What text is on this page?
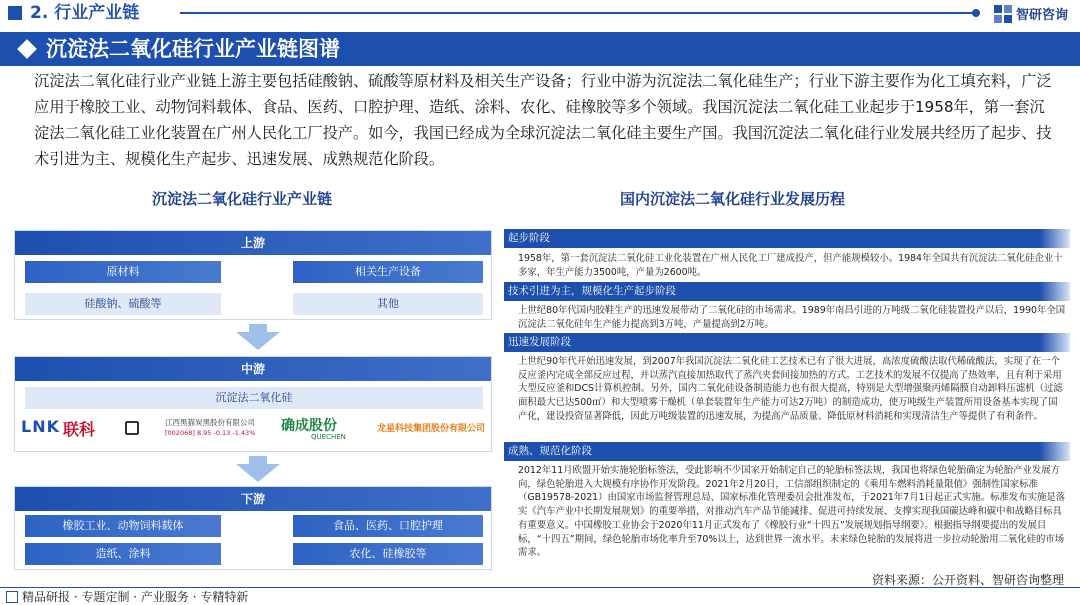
2. 行业产业链	智研咨询
沉淀法二氧化硅行业产业链图谱
沉淀法二氧化硅行业产业链上游主要包括硅酸钠、硫酸等原材料及相关生产设备；行业中游为沉淀法二氧化硅生产；行业下游主要作为化工填充料，广泛应用于橡胶工业、动物饲料载体、食品、医药、口腔护理、造纸、涂料、农化、硅橡胶等多个领域。我国沉淀法二氧化硅工业起步于1958年，第一套沉淀法二氧化硅工业化装置在广州人民化工厂投产。如今，我国已经成为全球沉淀法二氧化硅主要生产国。我国沉淀法二氧化硅行业发展共经历了起步、技术引进为主、规模化生产起步、迅速发展、成熟规范化阶段。
沉淀法二氧化硅行业产业链	国内沉淀法二氧化硅行业发展历程
上游
原材料	相关生产设备
硅酸钠、硫酸等	其他
中游
沉淀法二氧化硅
LNK 联科	江西黑猫炭黑股份有限公司
[002068] 8.95 -0.13 -1.43% 确成股份
QUECHEN
龙星科技集团股份有限公司
下游
橡胶工业、动物饲料载体	食品、医药、口腔护理
造纸、涂料	农化、硅橡胶等
起步阶段
1958年，第一套沉淀法二氧化硅工业化装置在广州人民化工厂建成投产，但产能规模较小。1984年全国共有沉淀法二氧化硅企业十多家，年生产能力3500吨，产量为2600吨。
技术引进为主，规模化生产起步阶段
上世纪80年代国内胶鞋生产的迅速发展带动了二氧化硅的市场需求。1989年南昌引进的万吨级二氧化硅装置投产以后，1990年全国沉淀法二氧化硅年生产能力提高到3万吨，产量提高到2万吨。
迅速发展阶段
上世纪90年代开始迅速发展，到2007年我国沉淀法二氧化硅工艺技术已有了很大进展，高浓度硫酸法取代稀硫酸法，实现了在一个反应釜内完成全部反应过程，并以蒸汽直接加热取代了蒸汽夹套间接加热的方式。工艺技术的发展不仅提高了热效率，且有利于采用大型反应釜和DCS计算机控制。另外，国内二氧化硅设备制造能力也有很大提高，特别是大型增强聚丙烯隔膜自动卸料压滤机（过滤面积最大已达500㎡）和大型喷雾干燥机（单套装置年生产能力可达2万吨）的制造成功，使万吨级生产装置所用设备基本实现了国产化，建设投资显著降低，因此万吨级装置的迅速发展，为提高产品质量、降低原材料消耗和实现清洁生产等提供了有利条件。
成熟、规范化阶段
2012年11月欧盟开始实施轮胎标签法，受此影响不少国家开始制定自己的轮胎标签法规，我国也将绿色轮胎确定为轮胎产业发展方向，绿色轮胎进入大规模有序协作开发阶段。2021年2月20日，工信部组织制定的《乘用车燃料消耗量限值》强制性国家标准（GB19578-2021）由国家市场监督管理总局、国家标准化管理委员会批准发布，于2021年7月1日起正式实施。标准发布实施是落实《汽车产业中长期发展规划》的重要举措，对推动汽车产品节能减排、促进可持续发展、支撑实现我国碳达峰和碳中和战略目标具有重要意义。中国橡胶工业协会于2020年11月正式发布了《橡胶行业“十四五”发展规划指导纲要》。根据指导纲要提出的发展目标，“十四五”期间，绿色轮胎市场化率升至70%以上，达到世界一流水平。未来绿色轮胎的发展将进一步拉动轮胎用二氧化硅的市场需求。
资料来源：公开资料、智研咨询整理
精品研报 · 专题定制 · 产业服务 · 专精特新
